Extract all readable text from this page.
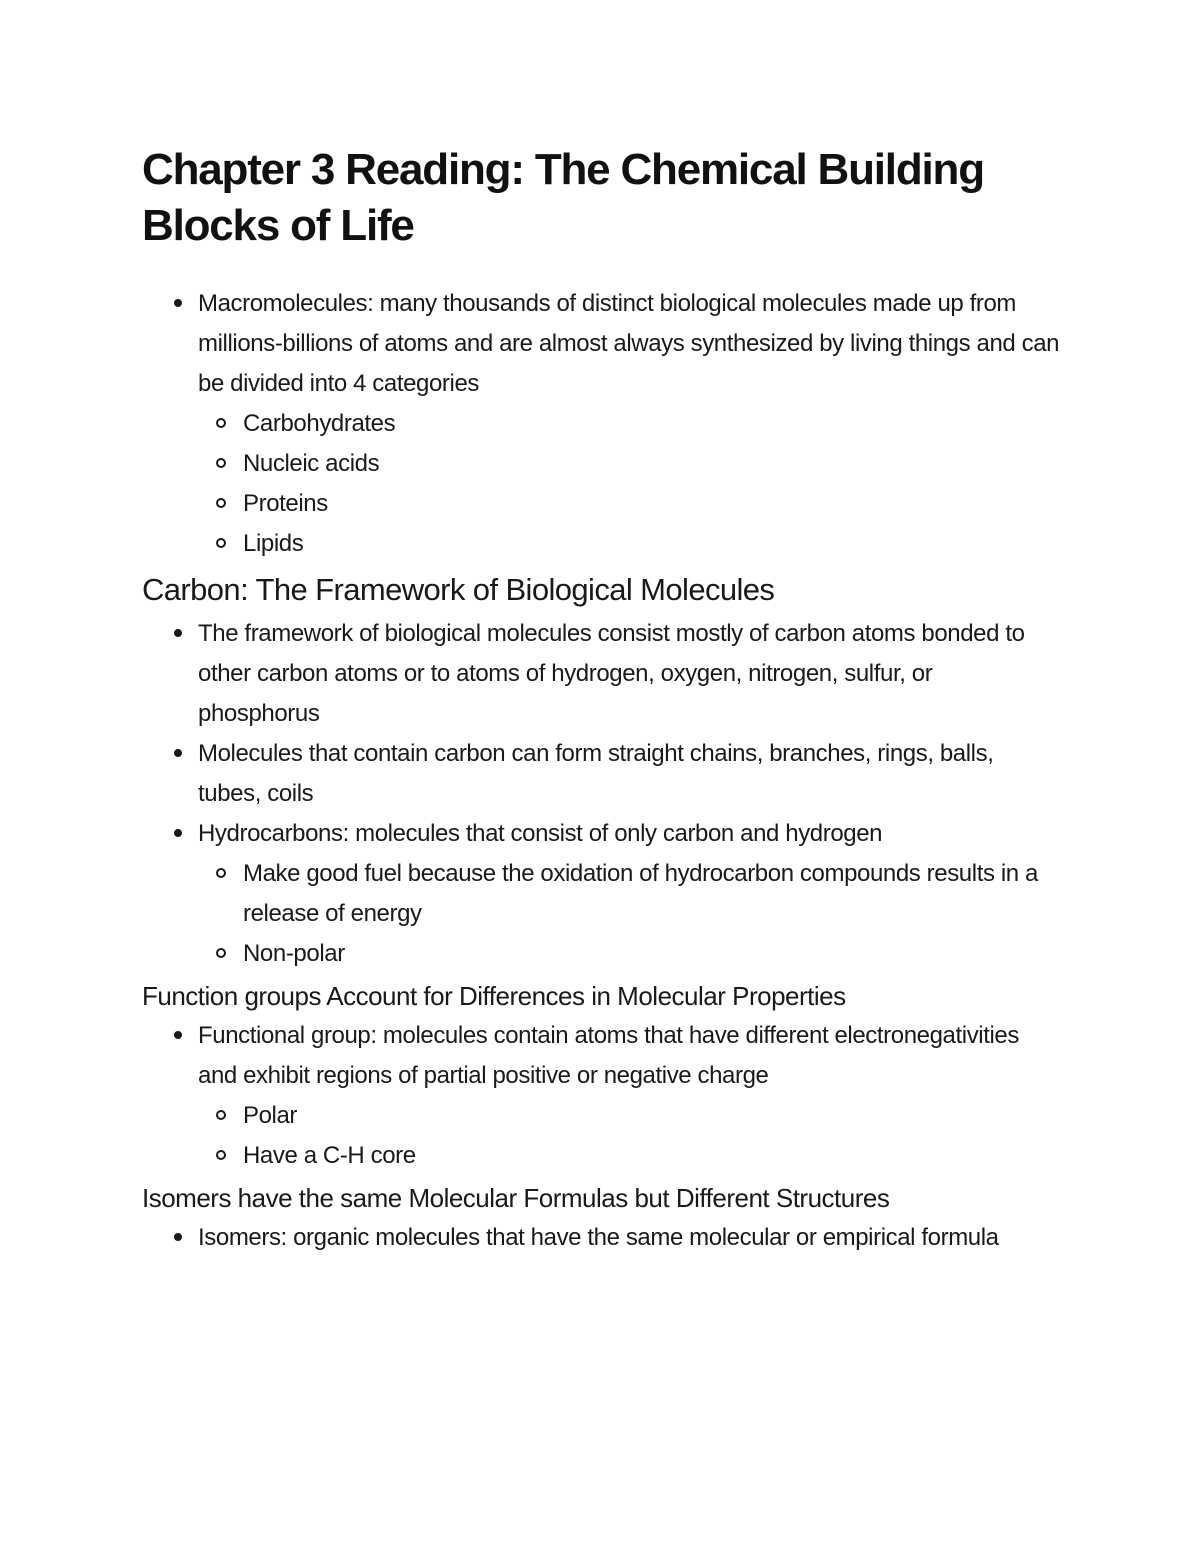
Chapter 3 Reading: The Chemical Building Blocks of Life
Macromolecules: many thousands of distinct biological molecules made up from millions-billions of atoms and are almost always synthesized by living things and can be divided into 4 categories
Carbohydrates
Nucleic acids
Proteins
Lipids
Carbon: The Framework of Biological Molecules
The framework of biological molecules consist mostly of carbon atoms bonded to other carbon atoms or to atoms of hydrogen, oxygen, nitrogen, sulfur, or phosphorus
Molecules that contain carbon can form straight chains, branches, rings, balls, tubes, coils
Hydrocarbons: molecules that consist of only carbon and hydrogen
Make good fuel because the oxidation of hydrocarbon compounds results in a release of energy
Non-polar
Function groups Account for Differences in Molecular Properties
Functional group: molecules contain atoms that have different electronegativities and exhibit regions of partial positive or negative charge
Polar
Have a C-H core
Isomers have the same Molecular Formulas but Different Structures
Isomers: organic molecules that have the same molecular or empirical formula
